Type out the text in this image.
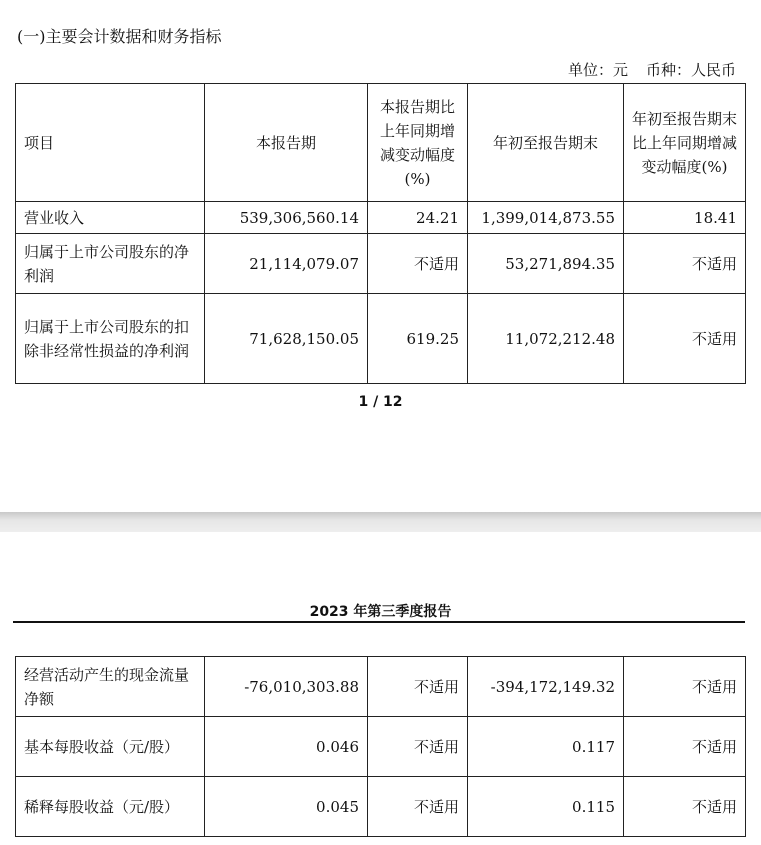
(一)主要会计数据和财务指标
单位：元 币种：人民币
项目	本报告期	本报告期比上年同期增减变动幅度(%)	年初至报告期末	年初至报告期末比上年同期增减变动幅度(%)
营业收入	539,306,560.14	24.21	1,399,014,873.55	18.41
归属于上市公司股东的净利润	21,114,079.07	不适用	53,271,894.35	不适用
归属于上市公司股东的扣除非经常性损益的净利润	71,628,150.05	619.25	11,072,212.48	不适用
1 / 12
2023 年第三季度报告
经营活动产生的现金流量净额	-76,010,303.88	不适用	-394,172,149.32	不适用
基本每股收益（元/股）	0.046	不适用	0.117	不适用
稀释每股收益（元/股）	0.045	不适用	0.115	不适用
